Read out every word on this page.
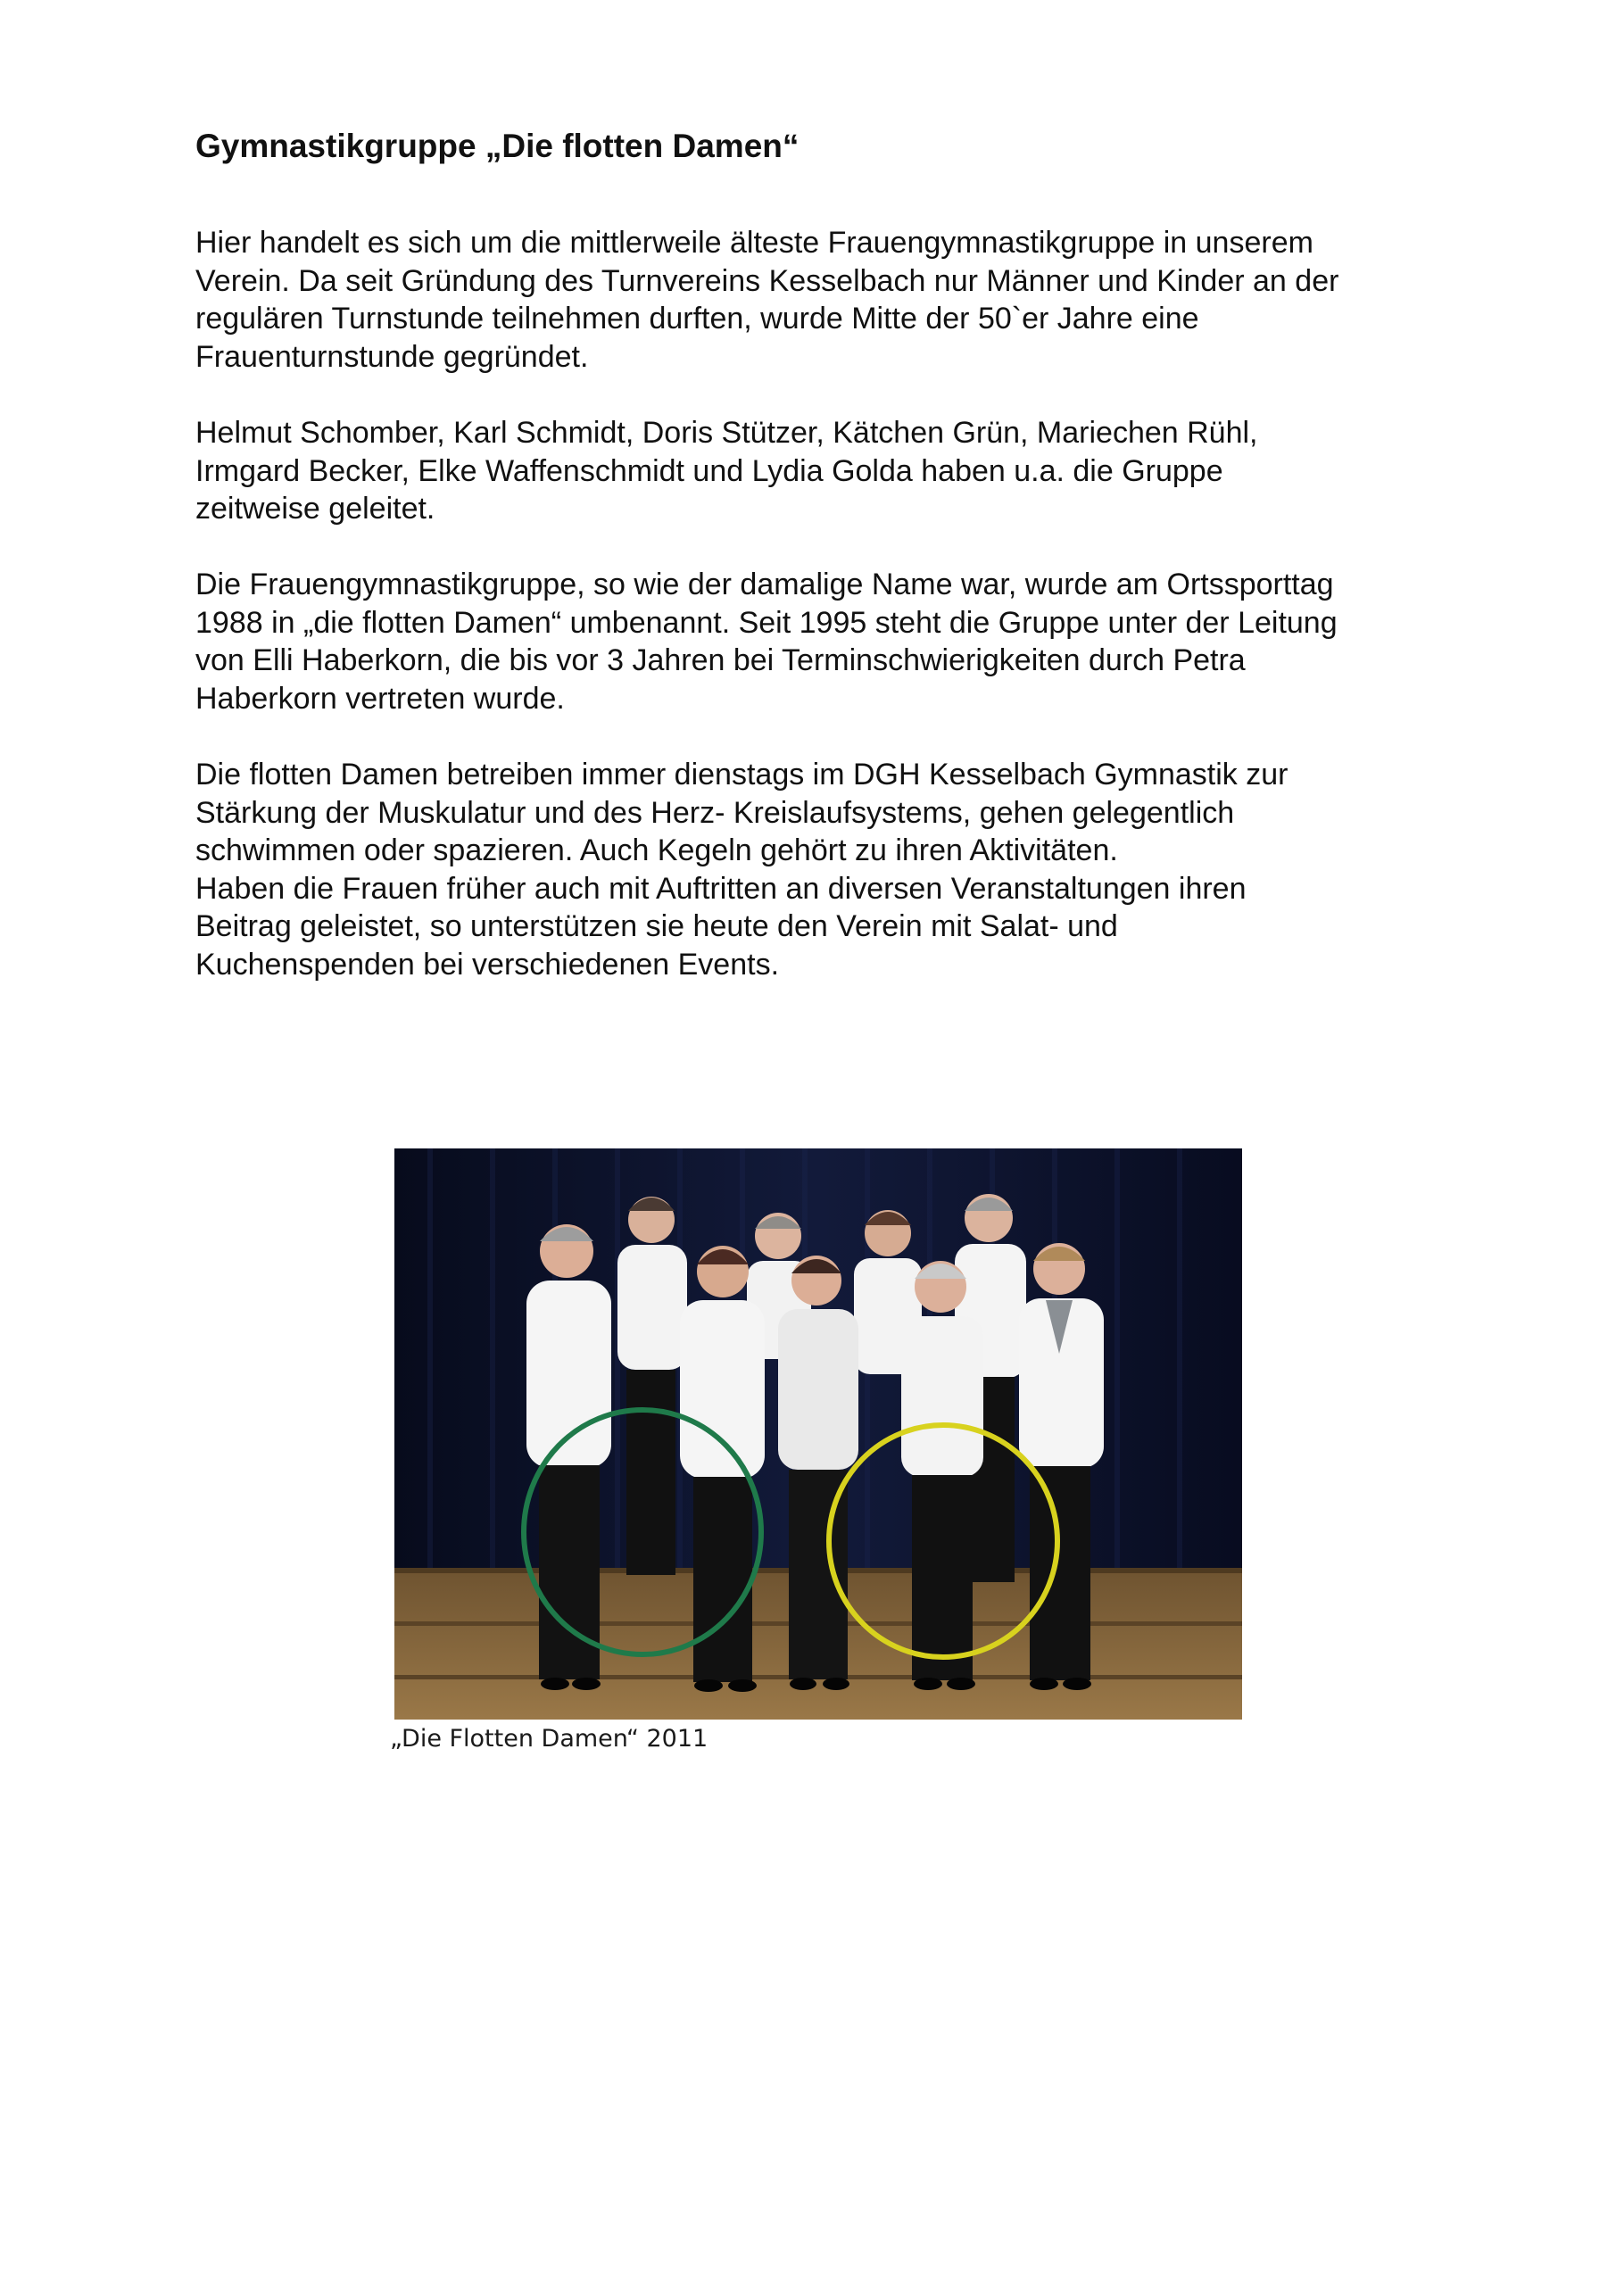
Gymnastikgruppe „Die flotten Damen“
Hier handelt es sich um die mittlerweile älteste Frauengymnastikgruppe in unserem
Verein. Da seit Gründung des Turnvereins Kesselbach nur Männer und Kinder an der
regulären Turnstunde teilnehmen durften, wurde Mitte der 50`er Jahre eine
Frauenturnstunde gegründet.
Helmut Schomber, Karl Schmidt, Doris Stützer, Kätchen Grün, Mariechen Rühl,
Irmgard Becker, Elke Waffenschmidt und Lydia Golda haben u.a. die Gruppe
zeitweise geleitet.
Die Frauengymnastikgruppe, so wie der damalige Name war, wurde am Ortssporttag
1988 in „die flotten Damen“ umbenannt. Seit 1995 steht die Gruppe unter der Leitung
von Elli Haberkorn, die bis vor 3 Jahren bei Terminschwierigkeiten durch Petra
Haberkorn vertreten wurde.
Die flotten Damen betreiben immer dienstags im DGH Kesselbach Gymnastik zur
Stärkung der Muskulatur und des Herz- Kreislaufsystems, gehen gelegentlich
schwimmen oder spazieren. Auch Kegeln gehört zu ihren Aktivitäten.
Haben die Frauen früher auch mit Auftritten an diversen Veranstaltungen ihren
Beitrag geleistet, so unterstützen sie heute den Verein mit Salat- und
Kuchenspenden bei verschiedenen Events.

„Die Flotten Damen“ 2011
